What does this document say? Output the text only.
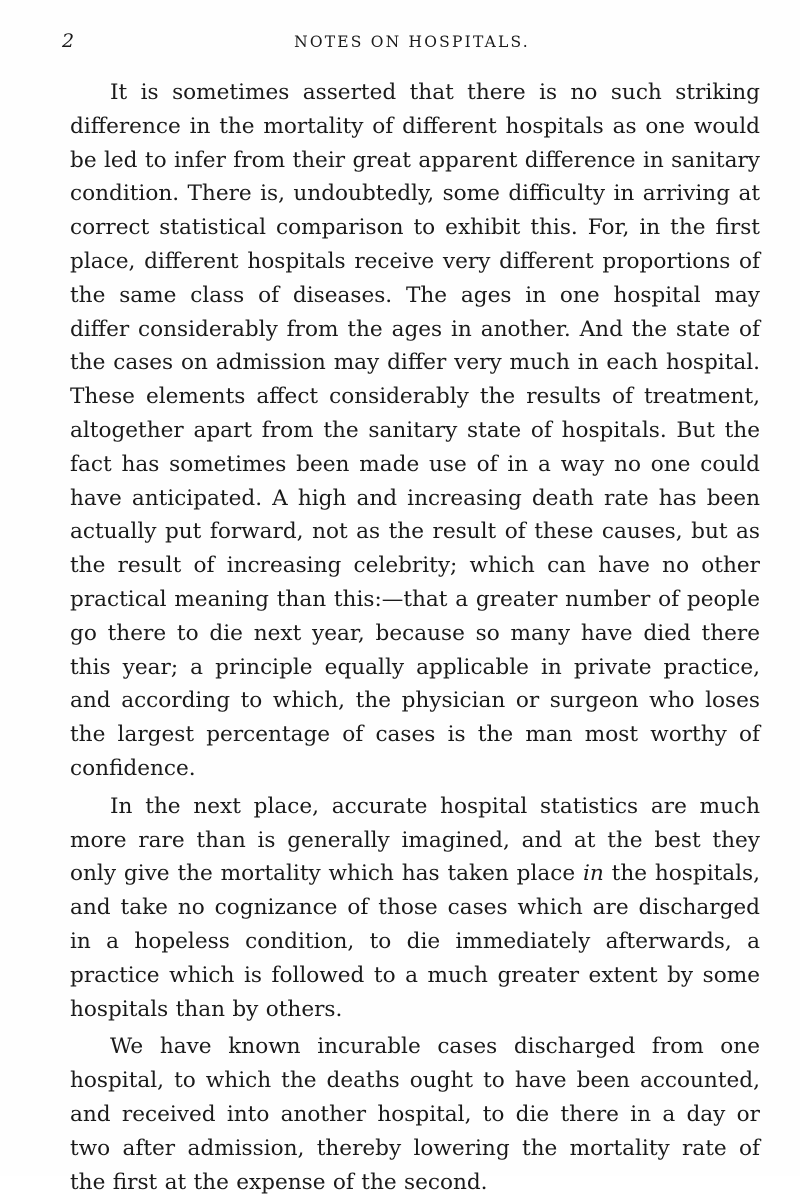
2	NOTES ON HOSPITALS.

It is sometimes asserted that there is no such striking difference in the mortality of different hospitals as one would be led to infer from their great apparent difference in sanitary condition. There is, undoubtedly, some difficulty in arriving at correct statistical comparison to exhibit this. For, in the first place, different hospitals receive very different proportions of the same class of diseases. The ages in one hospital may differ considerably from the ages in another. And the state of the cases on admission may differ very much in each hospital. These elements affect considerably the results of treatment, altogether apart from the sanitary state of hospitals. But the fact has sometimes been made use of in a way no one could have anticipated. A high and increasing death rate has been actually put forward, not as the result of these causes, but as the result of increasing celebrity; which can have no other practical meaning than this:—that a greater number of people go there to die next year, because so many have died there this year; a principle equally applicable in private practice, and according to which, the physician or surgeon who loses the largest percentage of cases is the man most worthy of confidence.

In the next place, accurate hospital statistics are much more rare than is generally imagined, and at the best they only give the mortality which has taken place in the hospitals, and take no cognizance of those cases which are discharged in a hopeless condition, to die immediately afterwards, a practice which is followed to a much greater extent by some hospitals than by others.

We have known incurable cases discharged from one hospital, to which the deaths ought to have been accounted, and received into another hospital, to die there in a day or two after admission, thereby lowering the mortality rate of the first at the expense of the second.
